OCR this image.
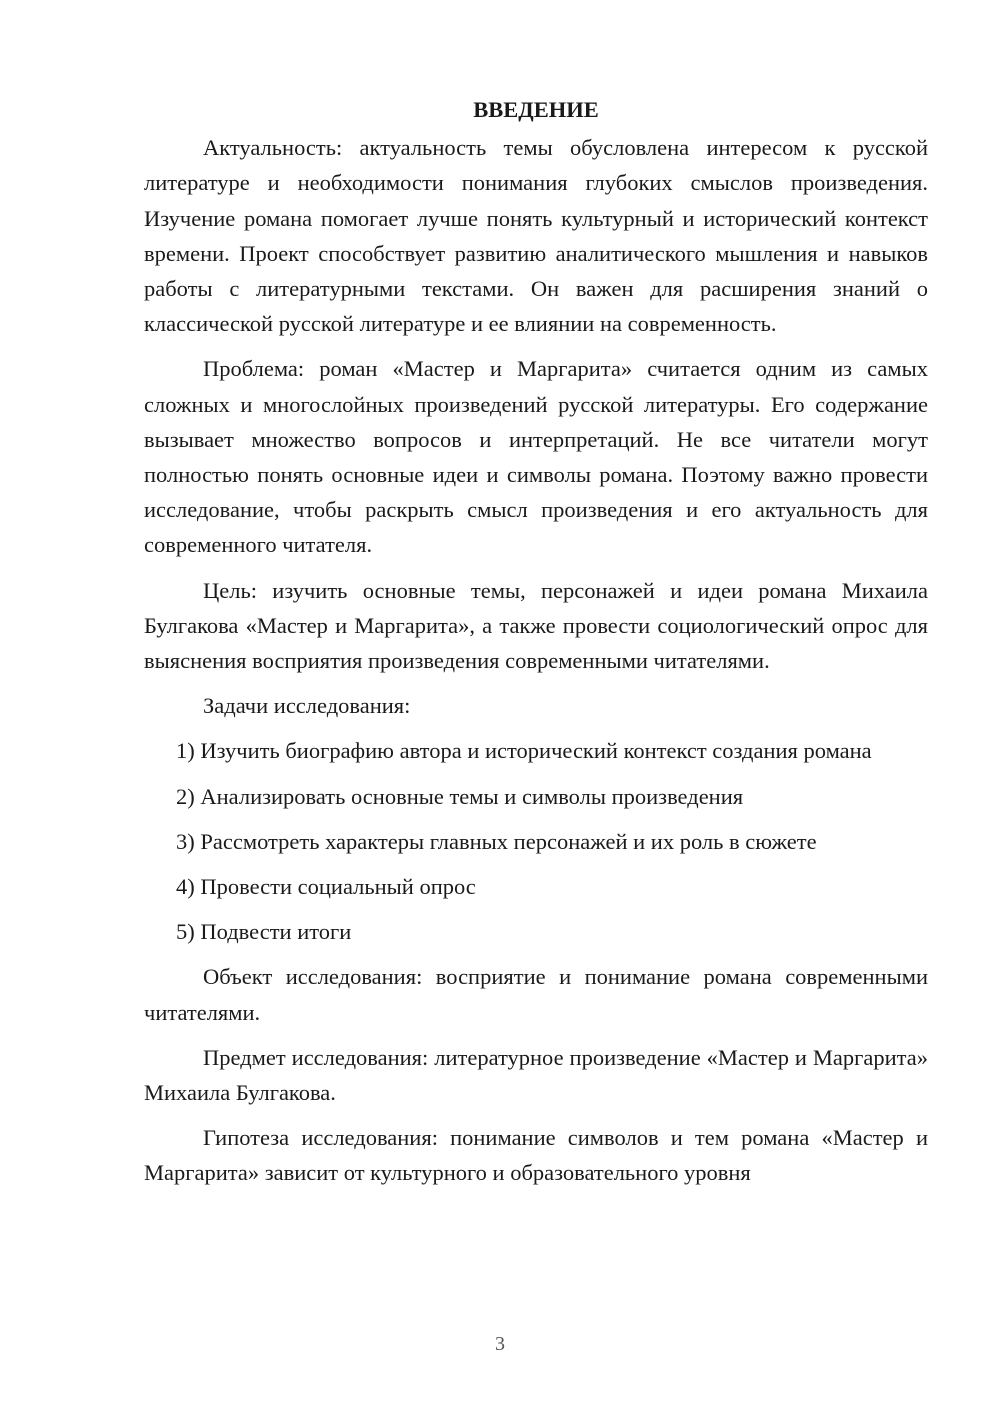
ВВЕДЕНИЕ

Актуальность: актуальность темы обусловлена интересом к русской литературе и необходимости понимания глубоких смыслов произведения. Изучение романа помогает лучше понять культурный и исторический контекст времени. Проект способствует развитию аналитического мышления и навыков работы с литературными текстами. Он важен для расширения знаний о классической русской литературе и ее влиянии на современность.

Проблема: роман «Мастер и Маргарита» считается одним из самых сложных и многослойных произведений русской литературы. Его содержание вызывает множество вопросов и интерпретаций. Не все читатели могут полностью понять основные идеи и символы романа. Поэтому важно провести исследование, чтобы раскрыть смысл произведения и его актуальность для современного читателя.

Цель: изучить основные темы, персонажей и идеи романа Михаила Булгакова «Мастер и Маргарита», а также провести социологический опрос для выяснения восприятия произведения современными читателями.

Задачи исследования:

1) Изучить биографию автора и исторический контекст создания романа

2) Анализировать основные темы и символы произведения

3) Рассмотреть характеры главных персонажей и их роль в сюжете

4) Провести социальный опрос

5) Подвести итоги

Объект исследования: восприятие и понимание романа современными читателями.

Предмет исследования: литературное произведение «Мастер и Маргарита» Михаила Булгакова.

Гипотеза исследования: понимание символов и тем романа «Мастер и Маргарита» зависит от культурного и образовательного уровня

3
